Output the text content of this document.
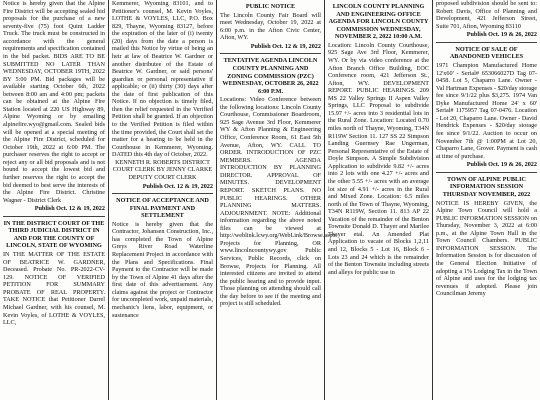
Notice is hereby given that the Alpine Fire District will be accepting sealed bid proposals for the purchase of a new seventy-five (75) foot Quint Ladder Truck. The truck must be constructed in accordance with the general requirements and specification contained in the bid packet. BIDS ARE TO BE SUBMITTED NO LATER THAN WEDNESDAY, OCTOBER 19TH, 2022 BY 5:00 PM. Bid packages will be available starting October 6th, 2022 between 8:00 am and 4:00 pm; packets can be obtained at the Alpine Fire Station located at 220 US Highway 89, Alpine Wyoming or by emailing alpinefire.wyo@gmail.com. Sealed bids will be opened at a special meeting of the Alpine Fire District, scheduled for October 19th, 2022 at 6:00 PM. The purchaser reserves the right to accept or reject any or all bid proposals and is not bound to accept the lowest bid and further reserves the right to accept the bid deemed to best serve the interests of the Alpine Fire District. Christine Wagner - District Clerk

Publish Oct. 12 & 19, 2022
IN THE DISTRICT COURT OF THE THIRD JUDICIAL DISTRICT IN AND FOR THE COUNTY OF LINCOLN, STATE OF WYOMING

IN THE MATTER OF THE ESTATE OF BEATRICE W. GARDNER, Deceased. Probate No. PR-2022-CV-129. NOTICE OF VERIFIED PETITION FOR SUMMARY PROBATE OF REAL PROPERTY. TAKE NOTICE that Petitioner Darrel Michael Gardner, with his counsel, M. Kevin Voyles, of LOTHE & VOYLES, LLC,

Kemmerer, Wyoming 83101, and to Petitioner's counsel, M. Kevin Voyles, LOTHE & VOYLES, LLC, P.O. Box 829, Thayne, Wyoming 83127, before the expiration of the later of (i) twenty (20) days from the date a person is mailed this Notice by virtue of being an heir at law of Beatrice W. Gardner or another distributee of the Estate of Beatrice W. Gardner, or said persons' guardian or personal representative if applicable; or (ii) thirty (30) days after the date of first publication of this Notice. If no objection is timely filed, then the relief requested in the Verified Petition shall be granted. If an objection to the Verified Petition is filed within the time provided, the Court shall set the matter for a hearing to be held in the Courthouse in Kemmerer, Wyoming. DATED this 4th day of October, 2022.

KENNETH R. ROBERTS DISTRICT COURT CLERK BY JENNY CLARKE DEPUTY COURT CLERK

Publish Oct. 12 & 19, 2022
NOTICE OF ACCEPTANCE AND FINAL PAYMENT AND SETTLEMENT

Notice is hereby given that the Contractor, Johansen Construction, Inc., has completed the Town of Alpine Greys River Road Waterline Replacement Project in accordance with the Plans and Specifications. Final Payment to the Contractor will be made by the Town of Alpine 41 days after the first date of this advertisement. Any claims against the project or Contractor for uncompleted work, unpaid materials, mechanic's liens, labor, equipment, or sustenance

PUBLIC NOTICE

The Lincoln County Fair Board will meet Wednesday, October 19, 2022 at 6:00 p.m. in the Afton Civic Center, Afton, WY.

Publish Oct. 12 & 19, 2022
TENTATIVE AGENDA LINCOLN COUNTY PLANNING AND ZONING COMMISSION (PZC) WEDNESDAY, OCTOBER 26, 2022 6:00 P.M.

Locations: Video Conference between the following locations: Lincoln County Courthouse, Commissioner Boardroom, 925 Sage Avenue 3rd Floor, Kemmerer WY & Afton Planning & Engineering Office, Conference Room, 61 East 5th Avenue, Afton, WY. CALL TO ORDER. INTRODUCTION OF PZC MEMBERS. AGENDA INTRODUCTION BY PLANNING DIRECTOR. APPROVAL OF MINUTES. DEVELOPMENT REPORT. SKETCH PLANS. NO PUBLIC HEARINGS. OTHER PLANNING MATTERS. ADJOURNMENT. NOTE: Additional information regarding the above noted files can be viewed at http://weblink.lcwy.org/WebLink/Browse.aspx. Projects for Planning, OR www.lincolncountywy.gov Public Services, Public Records, click on Browse, Projects for Planning. All interested citizens are invited to attend the public hearing and to provide input. Those planning on attending should call the day before to see if the meeting and project is still scheduled.

LINCOLN COUNTY PLANNING AND ENGINEERING OFFICE AGENDA FOR LINCOLN COUNTY COMMISSION WEDNESDAY, NOVEMBER 2, 2022 10:00 A.M.

Location: Lincoln County Courthouse, 925 Sage Ave 3rd Floor, Kemmerer, WY. Or by via video conference at the Afton Branch Office Building, EOC Conference room, 421 Jefferson St., Afton, WY. DEVELOPMENT REPORT. PUBLIC HEARINGS. 209 MS 22 Valley Springs II Aspen Valley Springs, LLC Proposal to subdivide 15.97 +/- acres into 3 residential lots in the Rural Zone. Location: Located 0.70 miles north of Thayne, Wyoming, T34N R119W Section 11. 127 SS 22 Simpson Landing Guernsey Rae Ungerman, Personal Representative of the Estate of Doyle Simpson. A Simple Subdivision Application to subdivide 9.82 +/- acres into 2 lots with one 4.27 +/- acres and the other 5.55 +/- acres with an average lot size of 4.91 +/- acres in the Rural and Mixed Zone. Location: 6.5 miles north of the Town of Thayne, Wyoming, T34N R119W, Section 11. 813 AP 22 Vacation of the remainder of the Benton Townsite Donald D. Thayer and Marilee Thayer etal. An Amended Plat Application to vacate of Blocks 1,2,11 and 12, Blocks 5 - Lot 16, Block 6 - Lots 23 and 24 which is the remainder of the Benton Townsite including streets and alleys for public use in

proposed subdivision should be sent to: Robert Davis, Office of Planning and Development, 421 Jefferson Street, Suite 701, Afton, Wyoming 83110

Publish Oct. 19 & 26, 2022
NOTICE OF SALE OF ABANDONED VEHICLES

1971 Champion Manufactured Home 12'x60' - Serial# 653066027D Tag 07-0458. Lot 5, Chaparro Lane. Owner - Val Hartman Expenses - $20/day storage fee since 9/1/22 plus $3,275. 1974 Van Dyke Manufactured Home 24' x 60' Serial# 1175957 Tag 07-0476. Location - Lot 20, Chaparro Lane. Owner - David Hendrick Expenses - $20/day storage fee since 9/1/22. Auction to occur on November 7th @ 1:00PM at Lot 20, Chaparro Lane, Grover. Payment is cash at time of purchase.

Publish Oct. 19 & 26, 2022
TOWN OF ALPINE PUBLIC INFORMATION SESSION THURSDAY NOVEMBER, 2022

NOTICE IS HEREBY GIVEN, the Alpine Town Council will hold a PUBLIC INFORMATION SESSION on Thursday, November 3, 2022 at 6:00 p.m., at the Alpine Town Hall in the Town Council Chambers. PUBLIC INFORMATION SESSION. The Information Session is for discussion of the General Election Initiative of adopting a 1% Lodging Tax in the Town of Alpine and uses for the lodging tax revenues if adopted. Please join Councilman Jeremy
